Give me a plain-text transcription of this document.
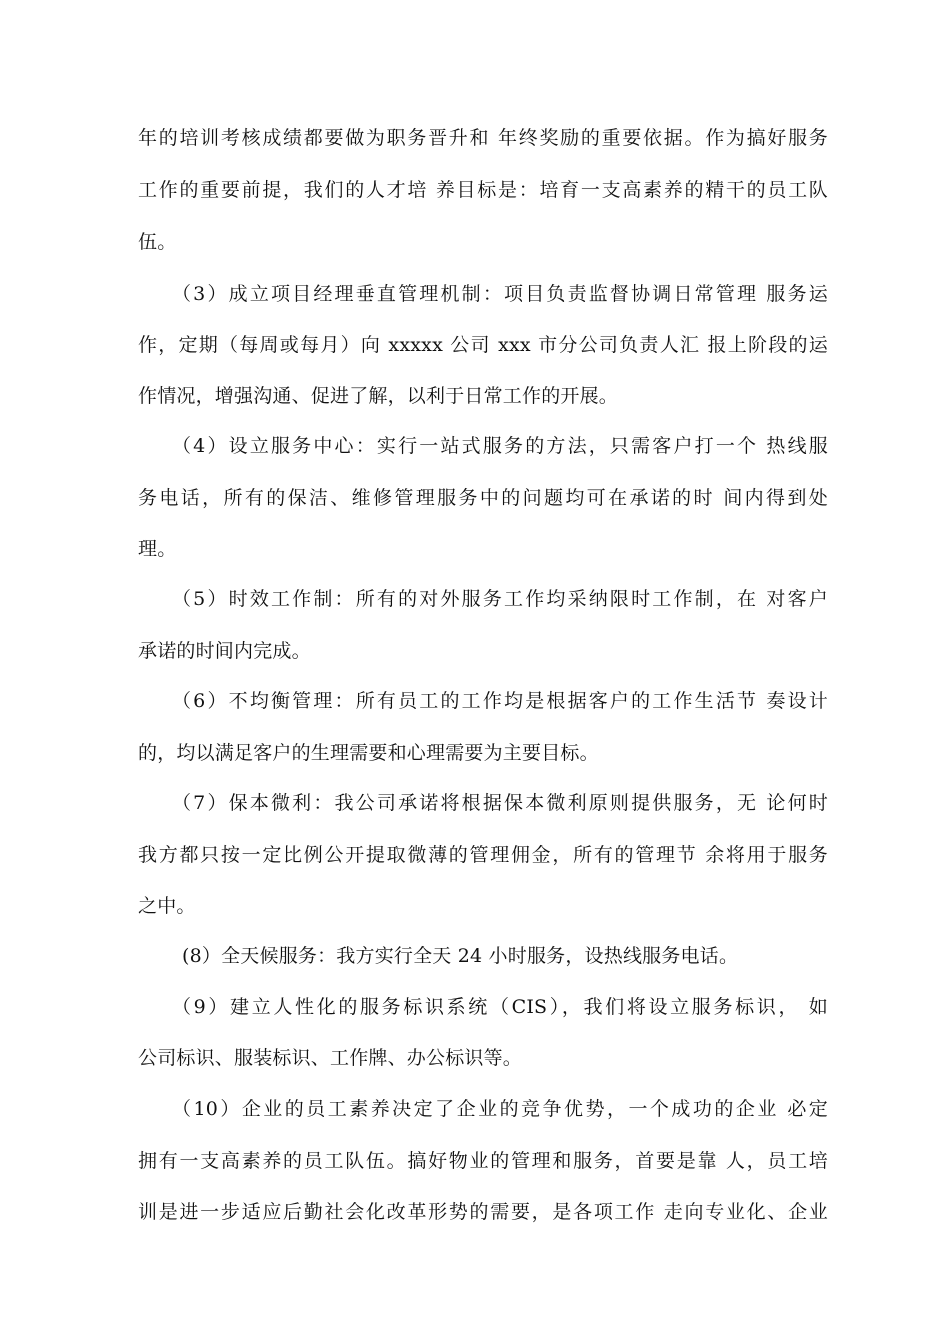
年的培训考核成绩都要做为职务晋升和 年终奖励的重要依据。作为搞好服务
工作的重要前提，我们的人才培 养目标是：培育一支高素养的精干的员工队
伍。
（3）成立项目经理垂直管理机制：项目负责监督协调日常管理 服务运
作，定期（每周或每月）向 xxxxx 公司 xxx 市分公司负责人汇 报上阶段的运
作情况，增强沟通、促进了解，以利于日常工作的开展。
（4）设立服务中心：实行一站式服务的方法，只需客户打一个 热线服
务电话，所有的保洁、维修管理服务中的问题均可在承诺的时 间内得到处
理。
（5）时效工作制：所有的对外服务工作均采纳限时工作制，在 对客户
承诺的时间内完成。
（6）不均衡管理：所有员工的工作均是根据客户的工作生活节 奏设计
的，均以满足客户的生理需要和心理需要为主要目标。
（7）保本微利：我公司承诺将根据保本微利原则提供服务，无 论何时
我方都只按一定比例公开提取微薄的管理佣金，所有的管理节 余将用于服务
之中。
(8）全天候服务：我方实行全天 24 小时服务，设热线服务电话。
（9）建立人性化的服务标识系统（CIS），我们将设立服务标识， 如
公司标识、服装标识、工作牌、办公标识等。
（10）企业的员工素养决定了企业的竞争优势，一个成功的企业 必定
拥有一支高素养的员工队伍。搞好物业的管理和服务，首要是靠 人，员工培
训是进一步适应后勤社会化改革形势的需要，是各项工作 走向专业化、企业
